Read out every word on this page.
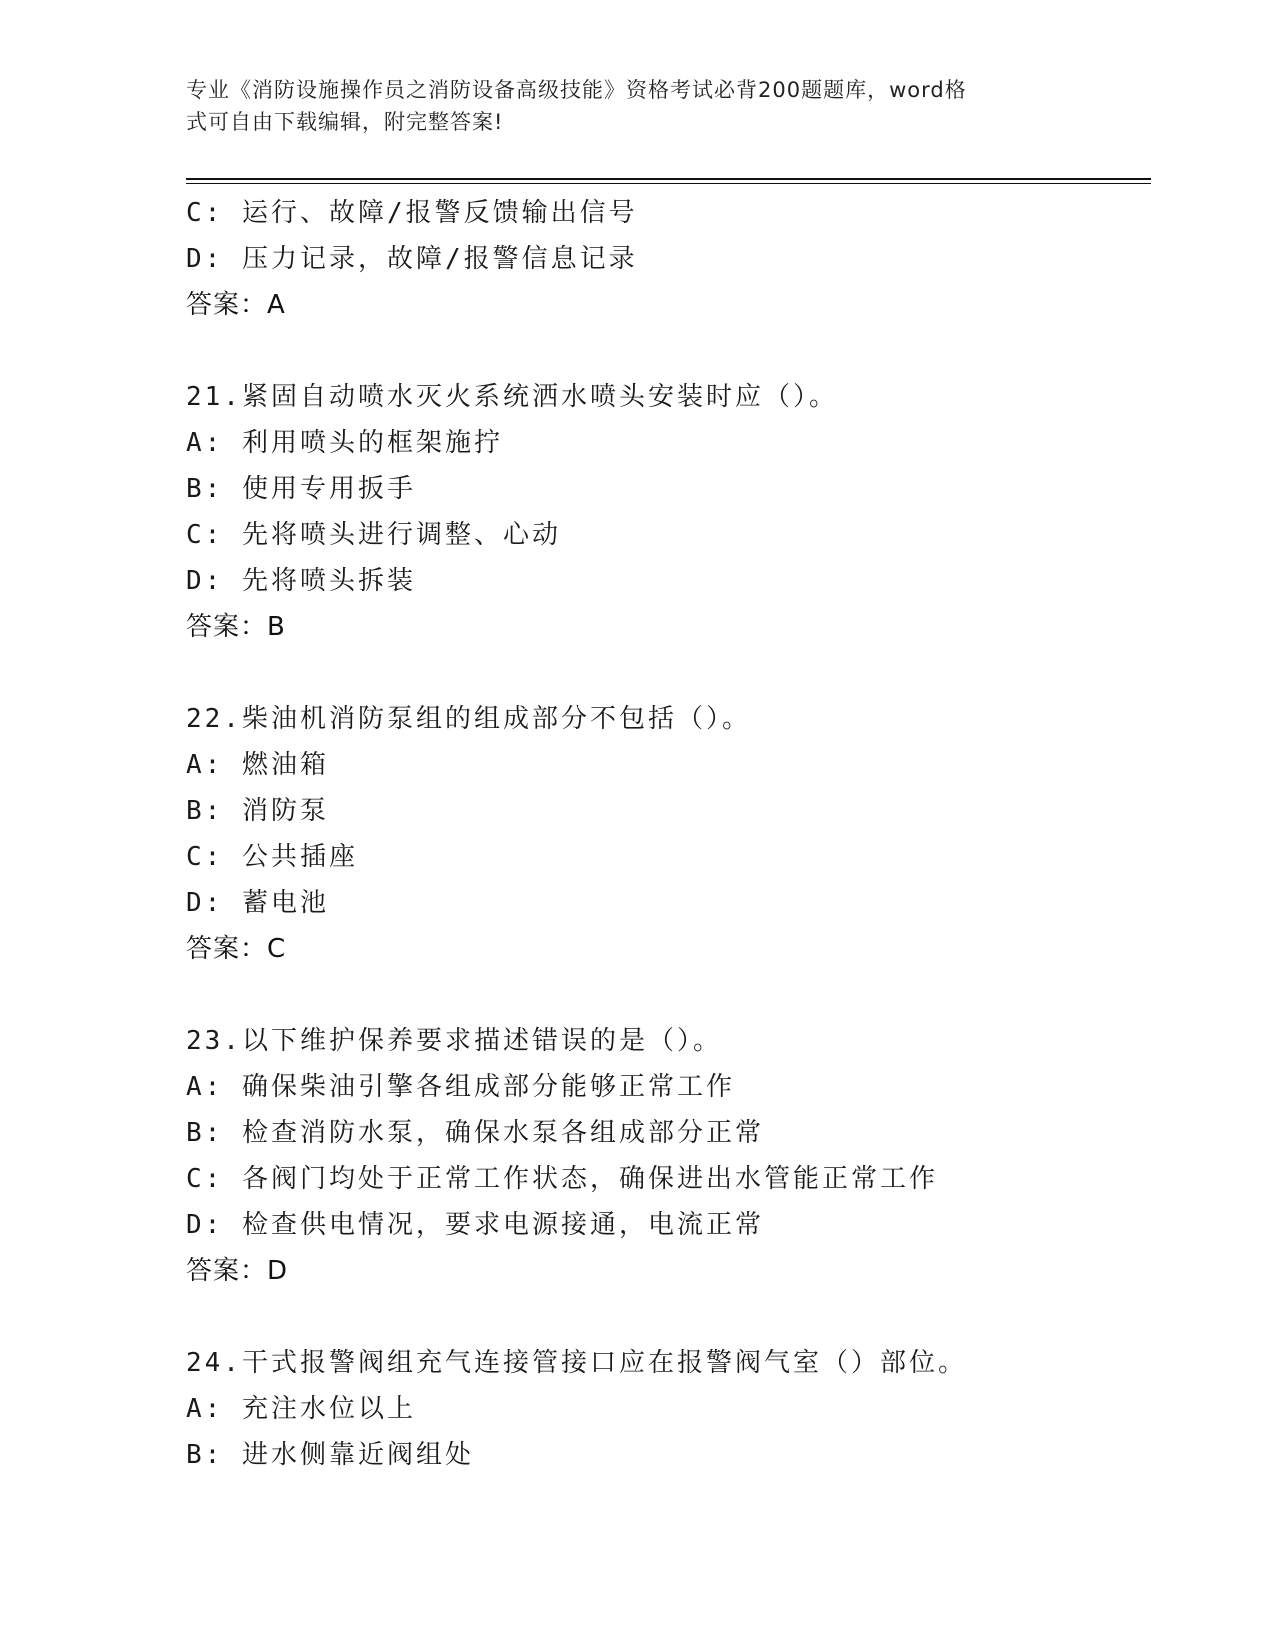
专业《消防设施操作员之消防设备高级技能》资格考试必背200题题库，word格
式可自由下载编辑，附完整答案!
C: 运行、故障/报警反馈输出信号
D: 压力记录，故障/报警信息记录
答案：A
21.紧固自动喷水灭火系统洒水喷头安装时应（）。
A: 利用喷头的框架施拧
B: 使用专用扳手
C: 先将喷头进行调整、心动
D: 先将喷头拆装
答案：B
22.柴油机消防泵组的组成部分不包括（）。
A: 燃油箱
B: 消防泵
C: 公共插座
D: 蓄电池
答案：C
23.以下维护保养要求描述错误的是（）。
A: 确保柴油引擎各组成部分能够正常工作
B: 检查消防水泵，确保水泵各组成部分正常
C: 各阀门均处于正常工作状态，确保进出水管能正常工作
D: 检查供电情况，要求电源接通，电流正常
答案：D
24.干式报警阀组充气连接管接口应在报警阀气室（）部位。
A: 充注水位以上
B: 进水侧靠近阀组处
